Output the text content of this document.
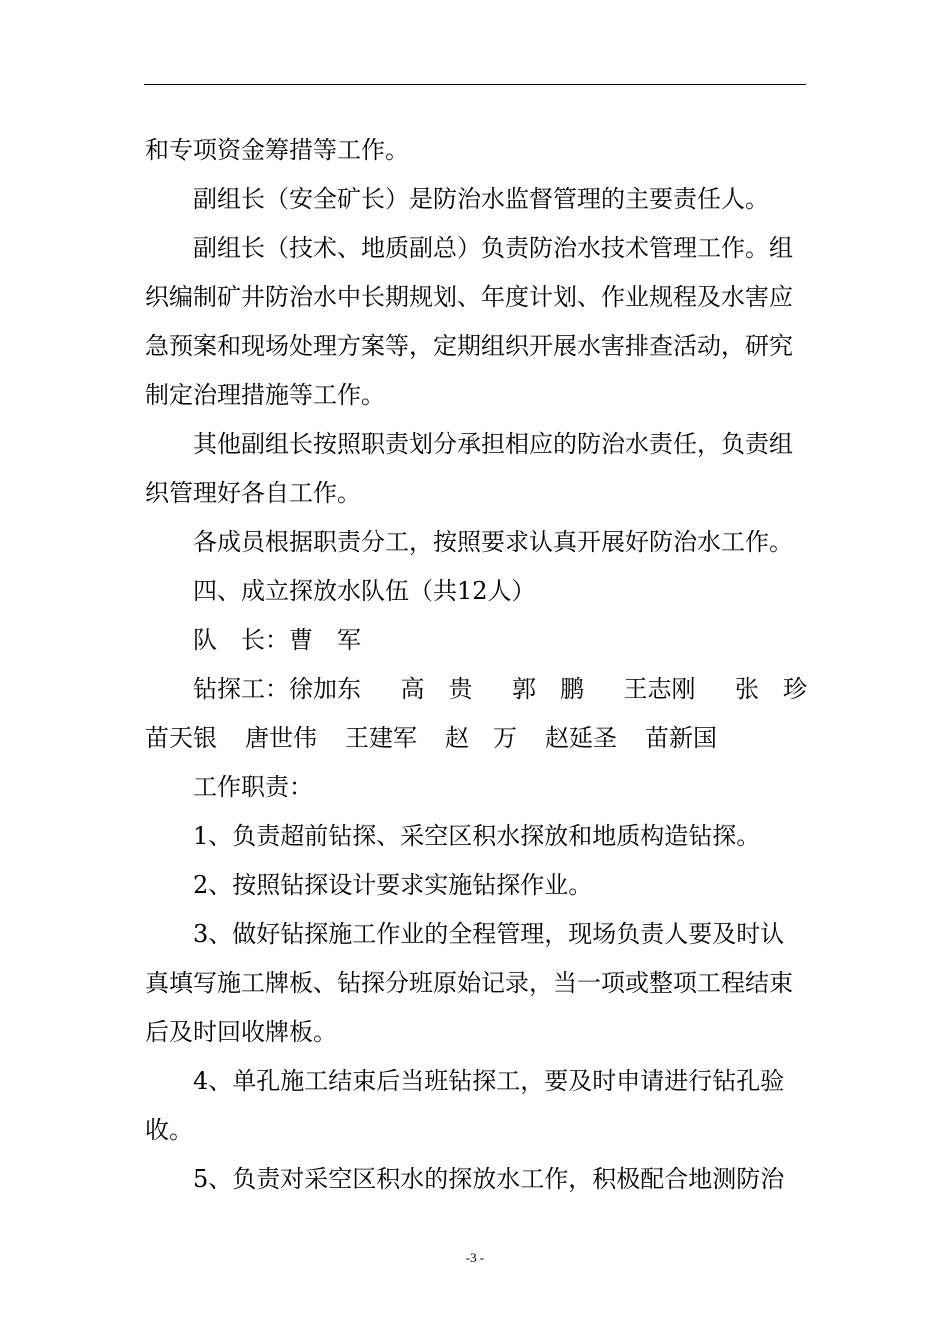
和专项资金筹措等工作。

副组长（安全矿长）是防治水监督管理的主要责任人。

副组长（技术、地质副总）负责防治水技术管理工作。组织编制矿井防治水中长期规划、年度计划、作业规程及水害应急预案和现场处理方案等，定期组织开展水害排查活动，研究制定治理措施等工作。

其他副组长按照职责划分承担相应的防治水责任，负责组织管理好各自工作。

各成员根据职责分工，按照要求认真开展好防治水工作。

四、成立探放水队伍（共12人）

队　长：曹　军

钻探工：徐加东 高　贵 郭　鹏 王志刚 张　珍
苗天银 唐世伟 王建军 赵　万 赵延圣 苗新国

工作职责：

1、负责超前钻探、采空区积水探放和地质构造钻探。

2、按照钻探设计要求实施钻探作业。

3、做好钻探施工作业的全程管理，现场负责人要及时认真填写施工牌板、钻探分班原始记录，当一项或整项工程结束后及时回收牌板。

4、单孔施工结束后当班钻探工，要及时申请进行钻孔验收。

5、负责对采空区积水的探放水工作，积极配合地测防治

-3 -
